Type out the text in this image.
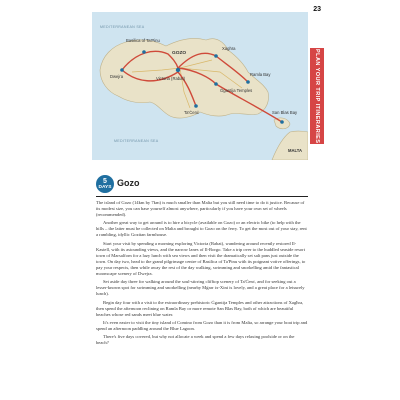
23
PLAN YOUR TRIP ITINERARIES
Basilica of Ta'Pinu
Dwejra
Xaghra
GOZO
Victoria (Rabat)
Ġgantija Temples
Ta'Ċenċ
Ramla Bay
San Blas Bay
MALTA
MEDITERRANEAN SEA
MEDITERRANEAN SEA
5
DAYS Gozo

The island of Gozo (14km by 7km) is much smaller than Malta but you still need time to do it justice. Because of its modest size, you can base yourself almost anywhere, particularly if you have your own set of wheels (recommended).

Another great way to get around is to hire a bicycle (available on Gozo) or an electric bike (to help with the hills – the latter must be collected on Malta and brought to Gozo on the ferry. To get the most out of your stay, rent a rambling, idyllic Gozitan farmhouse.

Start your visit by spending a morning exploring Victoria (Rabat), wandering around recently restored Il-Kastell, with its astounding views, and the narrow lanes of Il-Borgo. Take a trip over to the huddled seaside resort town of Marsalforn for a lazy lunch with sea views and then visit the dramatically set salt pans just outside the town. On day two, head to the grand pilgrimage centre of Basilica of Ta'Pinu with its poignant votive offerings, to pay your respects, then while away the rest of the day walking, swimming and snorkelling amid the fantastical moonscape scenery of Dwejra.

Set aside day three for walking around the soul-stirring clifftop scenery of Ta'Ċenċ, and for seeking out a lesser-known spot for swimming and snorkelling (nearby Mġarr ix-Xini is lovely, and a great place for a leisurely lunch).

Begin day four with a visit to the extraordinary prehistoric Ġgantija Temples and other attractions of Xagħra, then spend the afternoon reclining on Ramla Bay or more remote San Blas Bay, both of which are beautiful beaches whose red sands meet blue water.

It's even easier to visit the tiny island of Comino from Gozo than it is from Malta, so arrange your boat trip and spend an afternoon paddling around the Blue Lagoon.

There's five days covered, but why not allocate a week and spend a few days relaxing poolside or on the beach?
